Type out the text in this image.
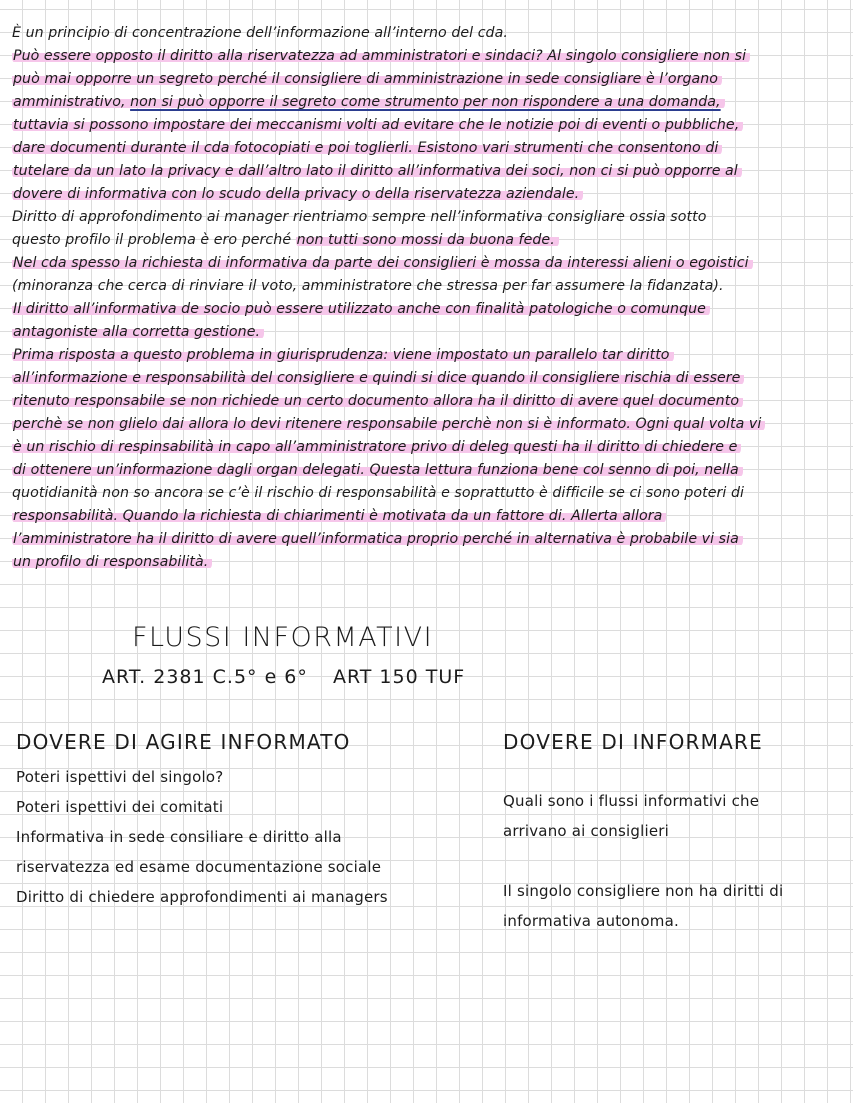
È un principio di concentrazione dell’informazione all’interno del cda.
Può essere opposto il diritto alla riservatezza ad amministratori e sindaci? Al singolo consigliere non si
può mai opporre un segreto perché il consigliere di amministrazione in sede consigliare è l’organo
amministrativo, non si può opporre il segreto come strumento per non rispondere a una domanda,
tuttavia si possono impostare dei meccanismi volti ad evitare che le notizie poi di eventi o pubbliche,
dare documenti durante il cda fotocopiati e poi toglierli. Esistono vari strumenti che consentono di
tutelare da un lato la privacy e dall’altro lato il diritto all’informativa dei soci, non ci si può opporre al
dovere di informativa con lo scudo della privacy o della riservatezza aziendale.
Diritto di approfondimento ai manager rientriamo sempre nell’informativa consigliare ossia sotto
questo profilo il problema è ero perché non tutti sono mossi da buona fede.
Nel cda spesso la richiesta di informativa da parte dei consiglieri è mossa da interessi alieni o egoistici
(minoranza che cerca di rinviare il voto, amministratore che stressa per far assumere la fidanzata).
Il diritto all’informativa de socio può essere utilizzato anche con finalità patologiche o comunque
antagoniste alla corretta gestione.
Prima risposta a questo problema in giurisprudenza: viene impostato un parallelo tar diritto
all’informazione e responsabilità del consigliere e quindi si dice quando il consigliere rischia di essere
ritenuto responsabile se non richiede un certo documento allora ha il diritto di avere quel documento
perchè se non glielo dai allora lo devi ritenere responsabile perchè non si è informato. Ogni qual volta vi
è un rischio di respinsabilità in capo all’amministratore privo di deleg questi ha il diritto di chiedere e
di ottenere un’informazione dagli organ delegati. Questa lettura funziona bene col senno di poi, nella
quotidianità non so ancora se c’è il rischio di responsabilità e soprattutto è difficile se ci sono poteri di
responsabilità. Quando la richiesta di chiarimenti è motivata da un fattore di. Allerta allora
l’amministratore ha il diritto di avere quell’informatica proprio perché in alternativa è probabile vi sia
un profilo di responsabilità.
FLUSSI INFORMATIVI
ART. 2381 C.5° e 6° ART 150 TUF
DOVERE DI AGIRE INFORMATO	DOVERE DI INFORMARE
Poteri ispettivi del singolo?
Poteri ispettivi dei comitati
Informativa in sede consiliare e diritto alla
riservatezza ed esame documentazione sociale
Diritto di chiedere approfondimenti ai managers
Quali sono i flussi informativi che
arrivano ai consiglieri
Il singolo consigliere non ha diritti di
informativa autonoma.
